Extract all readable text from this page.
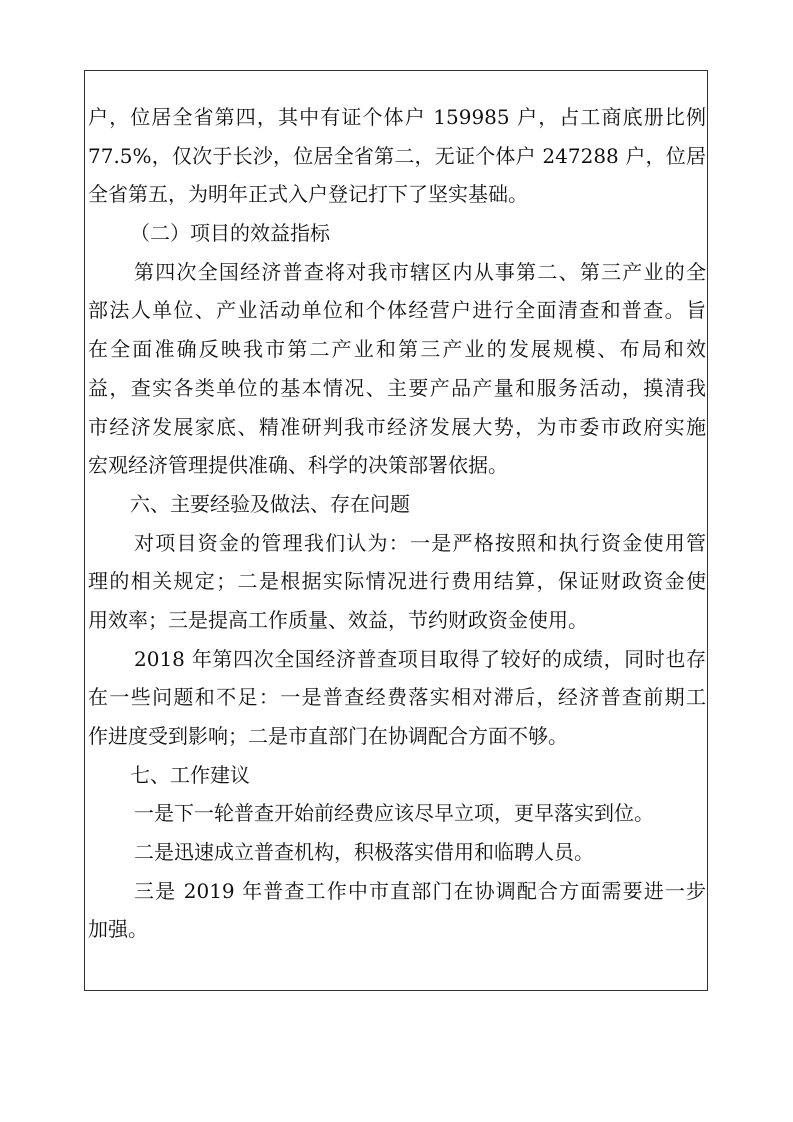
户，位居全省第四，其中有证个体户 159985 户，占工商底册比例
77.5%，仅次于长沙，位居全省第二，无证个体户 247288 户，位居
全省第五，为明年正式入户登记打下了坚实基础。
（二）项目的效益指标
第四次全国经济普查将对我市辖区内从事第二、第三产业的全
部法人单位、产业活动单位和个体经营户进行全面清查和普查。旨
在全面准确反映我市第二产业和第三产业的发展规模、布局和效
益，查实各类单位的基本情况、主要产品产量和服务活动，摸清我
市经济发展家底、精准研判我市经济发展大势，为市委市政府实施
宏观经济管理提供准确、科学的决策部署依据。
六、主要经验及做法、存在问题
对项目资金的管理我们认为：一是严格按照和执行资金使用管
理的相关规定；二是根据实际情况进行费用结算，保证财政资金使
用效率；三是提高工作质量、效益，节约财政资金使用。
2018 年第四次全国经济普查项目取得了较好的成绩，同时也存
在一些问题和不足：一是普查经费落实相对滞后，经济普查前期工
作进度受到影响；二是市直部门在协调配合方面不够。
七、工作建议
一是下一轮普查开始前经费应该尽早立项，更早落实到位。
二是迅速成立普查机构，积极落实借用和临聘人员。
三是 2019 年普查工作中市直部门在协调配合方面需要进一步
加强。
